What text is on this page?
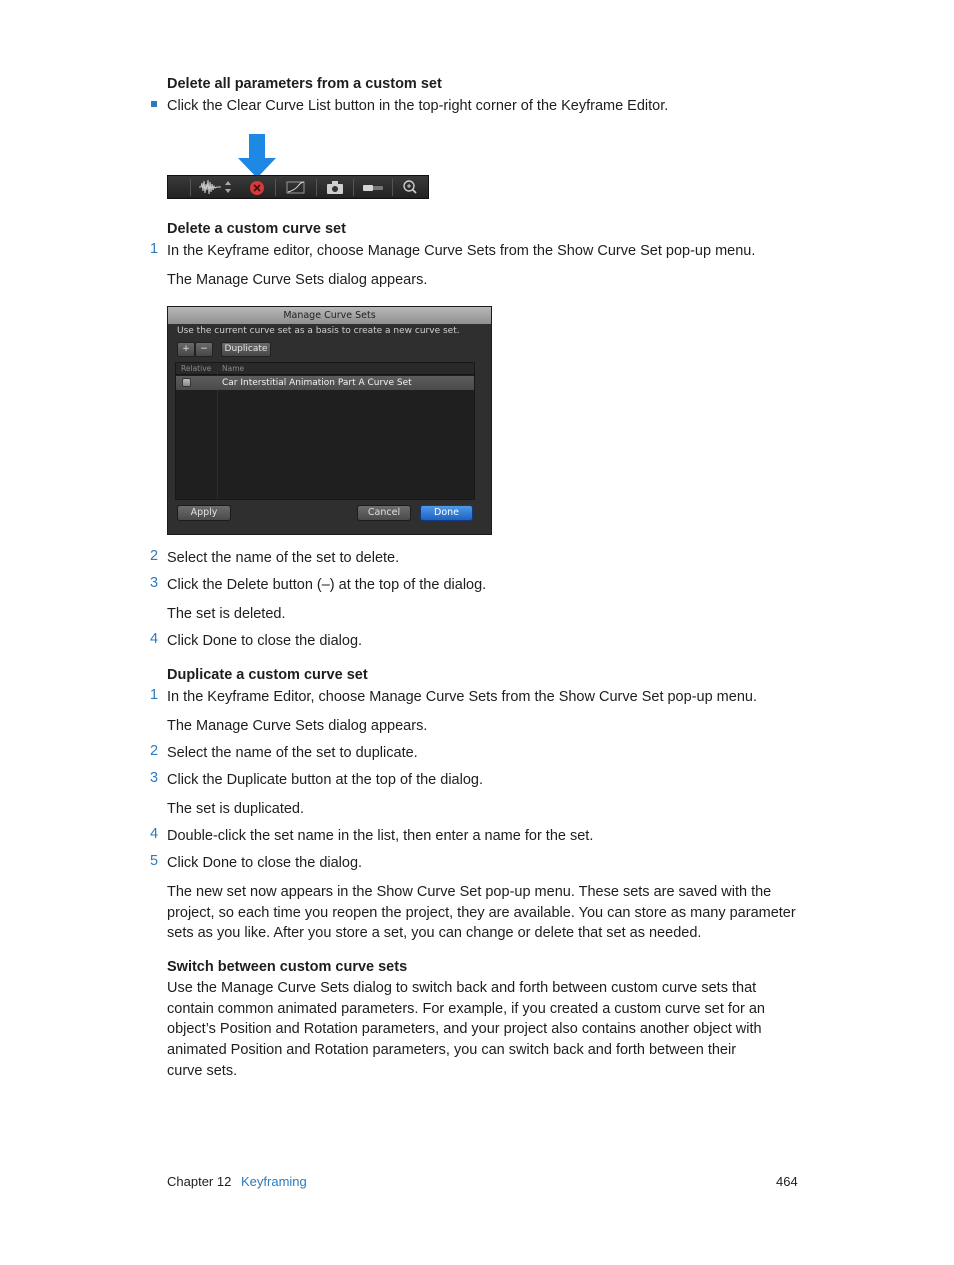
Delete all parameters from a custom set
Click the Clear Curve List button in the top-right corner of the Keyframe Editor.
Delete a custom curve set
1 In the Keyframe editor, choose Manage Curve Sets from the Show Curve Set pop-up menu.
The Manage Curve Sets dialog appears.
Manage Curve Sets
Use the current curve set as a basis to create a new curve set.
+	−	Duplicate
Relative Name
Car Interstitial Animation Part A Curve Set
Apply	Cancel	Done
2 Select the name of the set to delete.
3 Click the Delete button (–) at the top of the dialog.
The set is deleted.
4 Click Done to close the dialog.
Duplicate a custom curve set
1 In the Keyframe Editor, choose Manage Curve Sets from the Show Curve Set pop-up menu.
The Manage Curve Sets dialog appears.
2 Select the name of the set to duplicate.
3 Click the Duplicate button at the top of the dialog.
The set is duplicated.
4 Double-click the set name in the list, then enter a name for the set.
5 Click Done to close the dialog.
The new set now appears in the Show Curve Set pop-up menu. These sets are saved with the
project, so each time you reopen the project, they are available. You can store as many parameter
sets as you like. After you store a set, you can change or delete that set as needed.
Switch between custom curve sets
Use the Manage Curve Sets dialog to switch back and forth between custom curve sets that
contain common animated parameters. For example, if you created a custom curve set for an
object’s Position and Rotation parameters, and your project also contains another object with
animated Position and Rotation parameters, you can switch back and forth between their
curve sets.
Chapter 12 Keyframing	464
